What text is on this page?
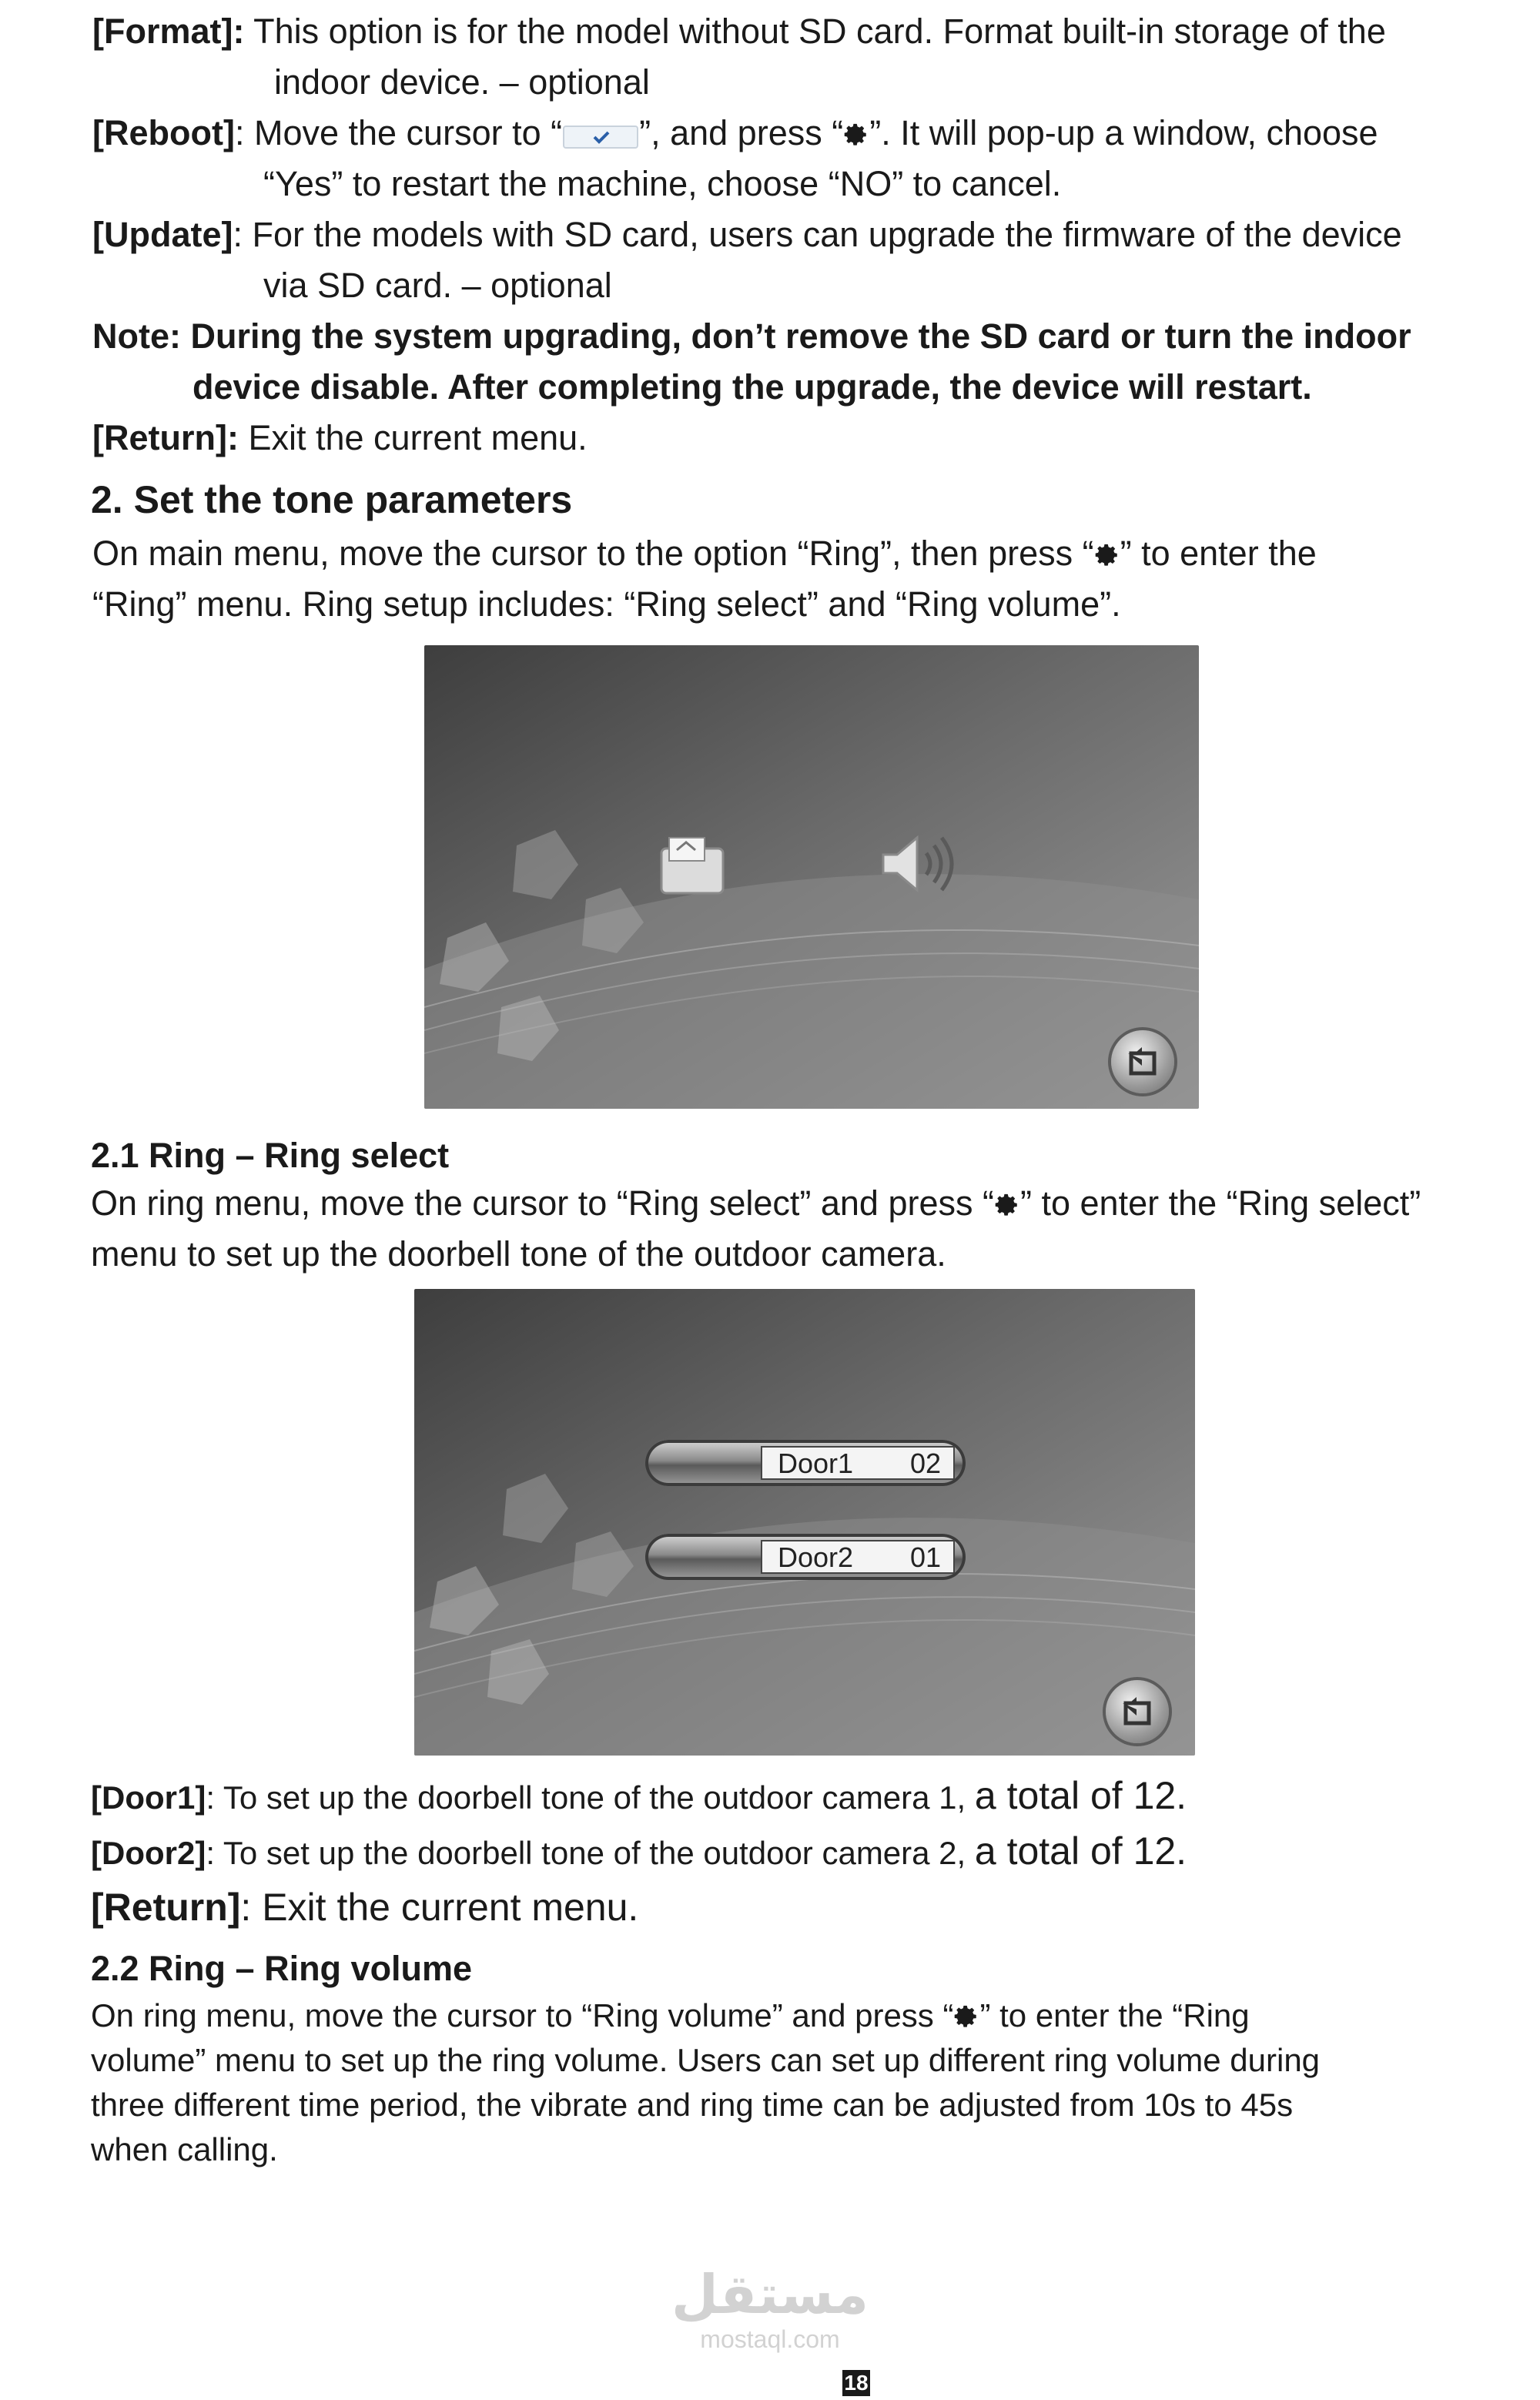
[Format]: This option is for the model without SD card. Format built-in storage of the
indoor device. – optional
[Reboot]: Move the cursor to “ ”, and press “ ”. It will pop-up a window, choose
“Yes” to restart the machine, choose “NO” to cancel.
[Update]: For the models with SD card, users can upgrade the firmware of the device
via SD card. – optional
Note: During the system upgrading, don’t remove the SD card or turn the indoor
device disable. After completing the upgrade, the device will restart.
[Return]: Exit the current menu.
2. Set the tone parameters
On main menu, move the cursor to the option “Ring”, then press “ ” to enter the
“Ring” menu. Ring setup includes: “Ring select” and “Ring volume”.
2.1 Ring – Ring select
On ring menu, move the cursor to “Ring select” and press “ ” to enter the “Ring select”
menu to set up the doorbell tone of the outdoor camera.
Door1 02
Door2 01
[Door1]: To set up the doorbell tone of the outdoor camera 1, a total of 12.
[Door2]: To set up the doorbell tone of the outdoor camera 2, a total of 12.
[Return]: Exit the current menu.
2.2 Ring – Ring volume
On ring menu, move the cursor to “Ring volume” and press “ ” to enter the “Ring
volume” menu to set up the ring volume. Users can set up different ring volume during
three different time period, the vibrate and ring time can be adjusted from 10s to 45s
when calling.
مستقل
mostaql.com
18
